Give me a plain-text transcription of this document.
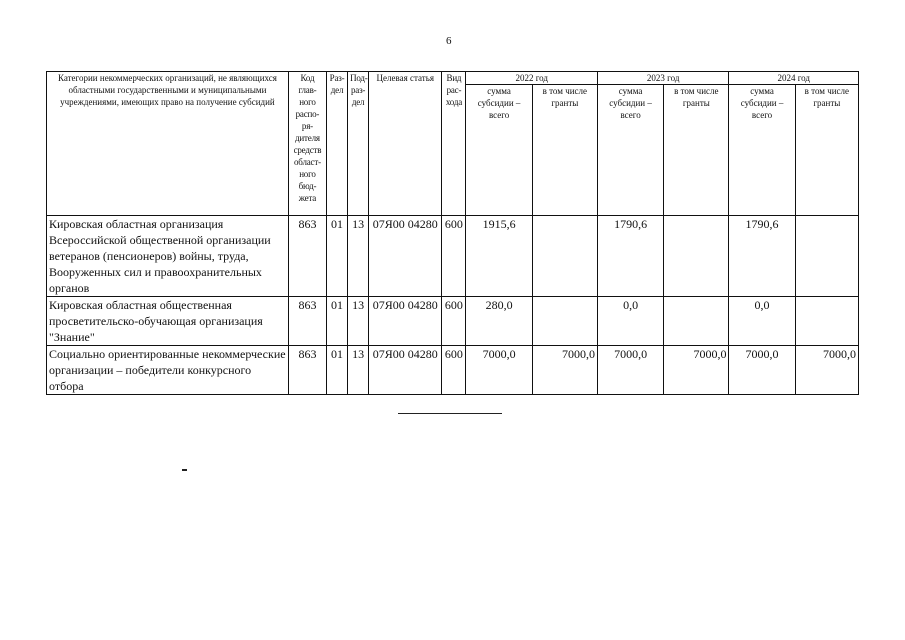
6
Категории некоммерческих организаций, не являющихся областными государственными и муниципальными учреждениями, имеющих право на получение субсидий	Код глав-ного распо-ря-дителя средств област-ного бюд-жета	Раз-дел	Под-раз-дел	Целевая статья	Вид рас-хода	2022 год		2023 год		2024 год	
						сумма субсидии – всего	в том числе гранты	сумма субсидии – всего	в том числе гранты	сумма субсидии – всего	в том числе гранты
Кировская областная организация Всероссийской общественной организации ветеранов (пенсионеров) войны, труда, Вооруженных сил и правоохранительных органов	863	01	13	07Я00 04280	600	1915,6		1790,6		1790,6	
Кировская областная общественная просветительско-обучающая организация "Знание"	863	01	13	07Я00 04280	600	280,0		0,0		0,0	
Социально ориентированные некоммерческие организации – победители конкурсного отбора	863	01	13	07Я00 04280	600	7000,0	7000,0	7000,0	7000,0	7000,0	7000,0
